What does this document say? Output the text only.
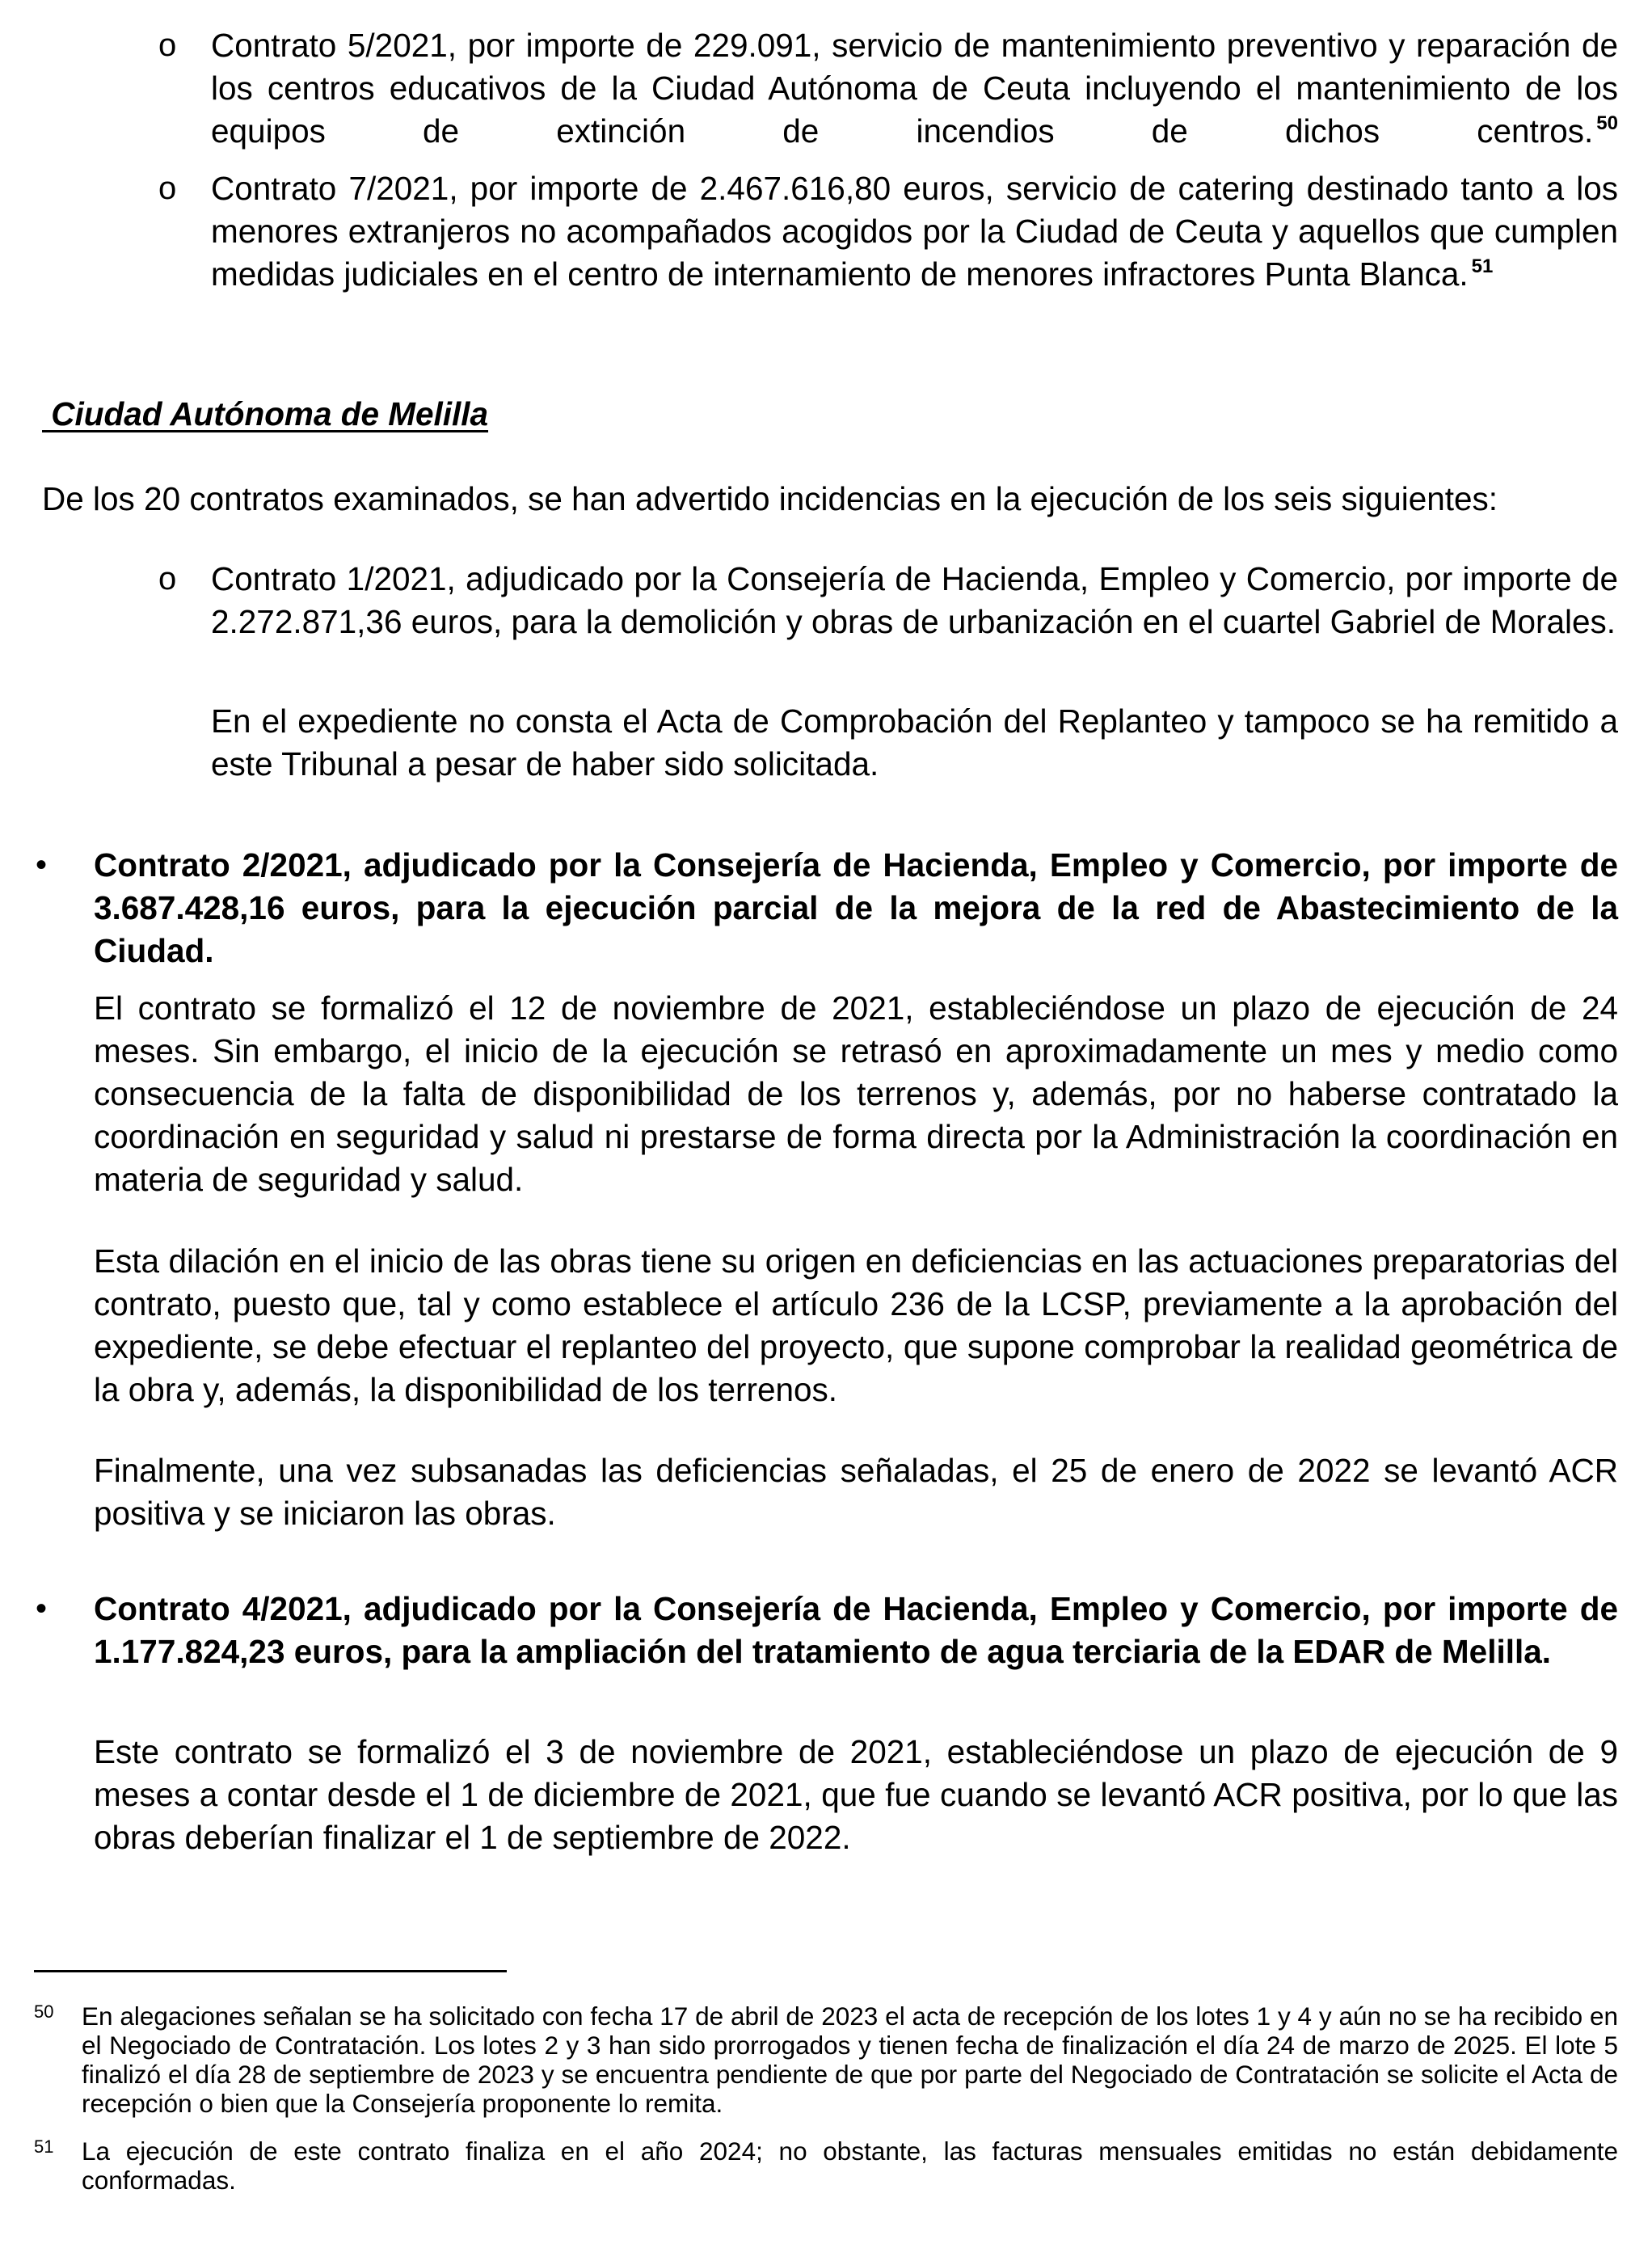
o Contrato 5/2021, por importe de 229.091, servicio de mantenimiento preventivo y reparación de los centros educativos de la Ciudad Autónoma de Ceuta incluyendo el mantenimiento de los equipos de extinción de incendios de dichos centros. $^{50}$

o Contrato 7/2021, por importe de 2.467.616,80 euros, servicio de catering destinado tanto a los menores extranjeros no acompañados acogidos por la Ciudad de Ceuta y aquellos que cumplen medidas judiciales en el centro de internamiento de menores infractores Punta Blanca. $^{51}$

Ciudad Autónoma de Melilla

De los 20 contratos examinados, se han advertido incidencias en la ejecución de los seis siguientes:

o Contrato 1/2021, adjudicado por la Consejería de Hacienda, Empleo y Comercio, por importe de 2.272.871,36 euros, para la demolición y obras de urbanización en el cuartel Gabriel de Morales.

En el expediente no consta el Acta de Comprobación del Replanteo y tampoco se ha remitido a este Tribunal a pesar de haber sido solicitada.

• Contrato 2/2021, adjudicado por la Consejería de Hacienda, Empleo y Comercio, por importe de 3.687.428,16 euros, para la ejecución parcial de la mejora de la red de Abastecimiento de la Ciudad.

El contrato se formalizó el 12 de noviembre de 2021, estableciéndose un plazo de ejecución de 24 meses. Sin embargo, el inicio de la ejecución se retrasó en aproximadamente un mes y medio como consecuencia de la falta de disponibilidad de los terrenos y, además, por no haberse contratado la coordinación en seguridad y salud ni prestarse de forma directa por la Administración la coordinación en materia de seguridad y salud.

Esta dilación en el inicio de las obras tiene su origen en deficiencias en las actuaciones preparatorias del contrato, puesto que, tal y como establece el artículo 236 de la LCSP, previamente a la aprobación del expediente, se debe efectuar el replanteo del proyecto, que supone comprobar la realidad geométrica de la obra y, además, la disponibilidad de los terrenos.

Finalmente, una vez subsanadas las deficiencias señaladas, el 25 de enero de 2022 se levantó ACR positiva y se iniciaron las obras.

• Contrato 4/2021, adjudicado por la Consejería de Hacienda, Empleo y Comercio, por importe de 1.177.824,23 euros, para la ampliación del tratamiento de agua terciaria de la EDAR de Melilla.

Este contrato se formalizó el 3 de noviembre de 2021, estableciéndose un plazo de ejecución de 9 meses a contar desde el 1 de diciembre de 2021, que fue cuando se levantó ACR positiva, por lo que las obras deberían finalizar el 1 de septiembre de 2022.

50 En alegaciones señalan se ha solicitado con fecha 17 de abril de 2023 el acta de recepción de los lotes 1 y 4 y aún no se ha recibido en el Negociado de Contratación. Los lotes 2 y 3 han sido prorrogados y tienen fecha de finalización el día 24 de marzo de 2025. El lote 5 finalizó el día 28 de septiembre de 2023 y se encuentra pendiente de que por parte del Negociado de Contratación se solicite el Acta de recepción o bien que la Consejería proponente lo remita.

51 La ejecución de este contrato finaliza en el año 2024; no obstante, las facturas mensuales emitidas no están debidamente conformadas.
